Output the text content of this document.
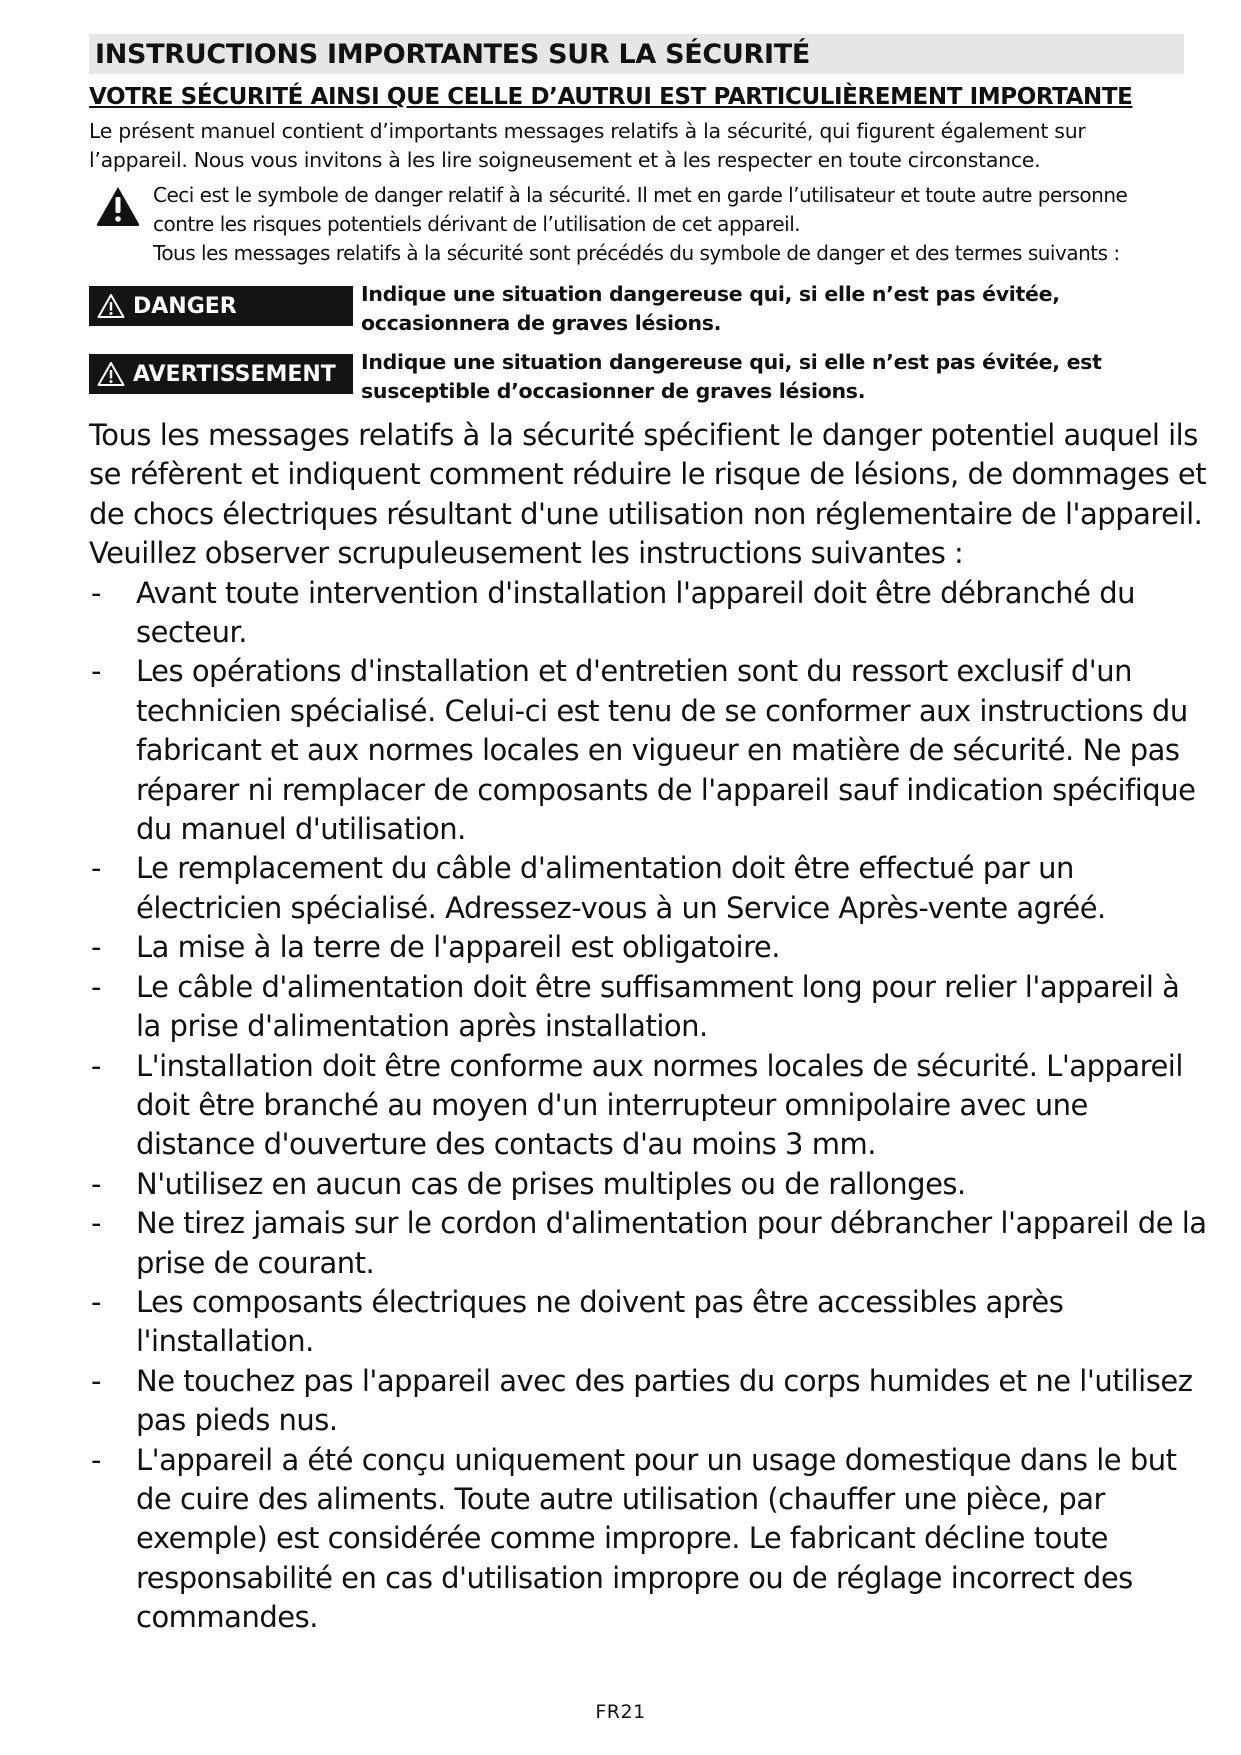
INSTRUCTIONS IMPORTANTES SUR LA SÉCURITÉ
VOTRE SÉCURITÉ AINSI QUE CELLE D’AUTRUI EST PARTICULIÈREMENT IMPORTANTE
Le présent manuel contient d’importants messages relatifs à la sécurité, qui figurent également sur
l’appareil. Nous vous invitons à les lire soigneusement et à les respecter en toute circonstance.
Ceci est le symbole de danger relatif à la sécurité. Il met en garde l’utilisateur et toute autre personne
contre les risques potentiels dérivant de l’utilisation de cet appareil.
Tous les messages relatifs à la sécurité sont précédés du symbole de danger et des termes suivants :
DANGER	Indique une situation dangereuse qui, si elle n’est pas évitée,
occasionnera de graves lésions.
AVERTISSEMENT Indique une situation dangereuse qui, si elle n’est pas évitée, est
susceptible d’occasionner de graves lésions.
Tous les messages relatifs à la sécurité spécifient le danger potentiel auquel ils
se réfèrent et indiquent comment réduire le risque de lésions, de dommages et
de chocs électriques résultant d'une utilisation non réglementaire de l'appareil.
Veuillez observer scrupuleusement les instructions suivantes :
- Avant toute intervention d'installation l'appareil doit être débranché du
secteur.
- Les opérations d'installation et d'entretien sont du ressort exclusif d'un
technicien spécialisé. Celui-ci est tenu de se conformer aux instructions du
fabricant et aux normes locales en vigueur en matière de sécurité. Ne pas
réparer ni remplacer de composants de l'appareil sauf indication spécifique
du manuel d'utilisation.
- Le remplacement du câble d'alimentation doit être effectué par un
électricien spécialisé. Adressez-vous à un Service Après-vente agréé.
- La mise à la terre de l'appareil est obligatoire.
- Le câble d'alimentation doit être suffisamment long pour relier l'appareil à
la prise d'alimentation après installation.
- L'installation doit être conforme aux normes locales de sécurité. L'appareil
doit être branché au moyen d'un interrupteur omnipolaire avec une
distance d'ouverture des contacts d'au moins 3 mm.
- N'utilisez en aucun cas de prises multiples ou de rallonges.
- Ne tirez jamais sur le cordon d'alimentation pour débrancher l'appareil de la
prise de courant.
- Les composants électriques ne doivent pas être accessibles après
l'installation.
- Ne touchez pas l'appareil avec des parties du corps humides et ne l'utilisez
pas pieds nus.
- L'appareil a été conçu uniquement pour un usage domestique dans le but
de cuire des aliments. Toute autre utilisation (chauffer une pièce, par
exemple) est considérée comme impropre. Le fabricant décline toute
responsabilité en cas d'utilisation impropre ou de réglage incorrect des
commandes.
FR21
